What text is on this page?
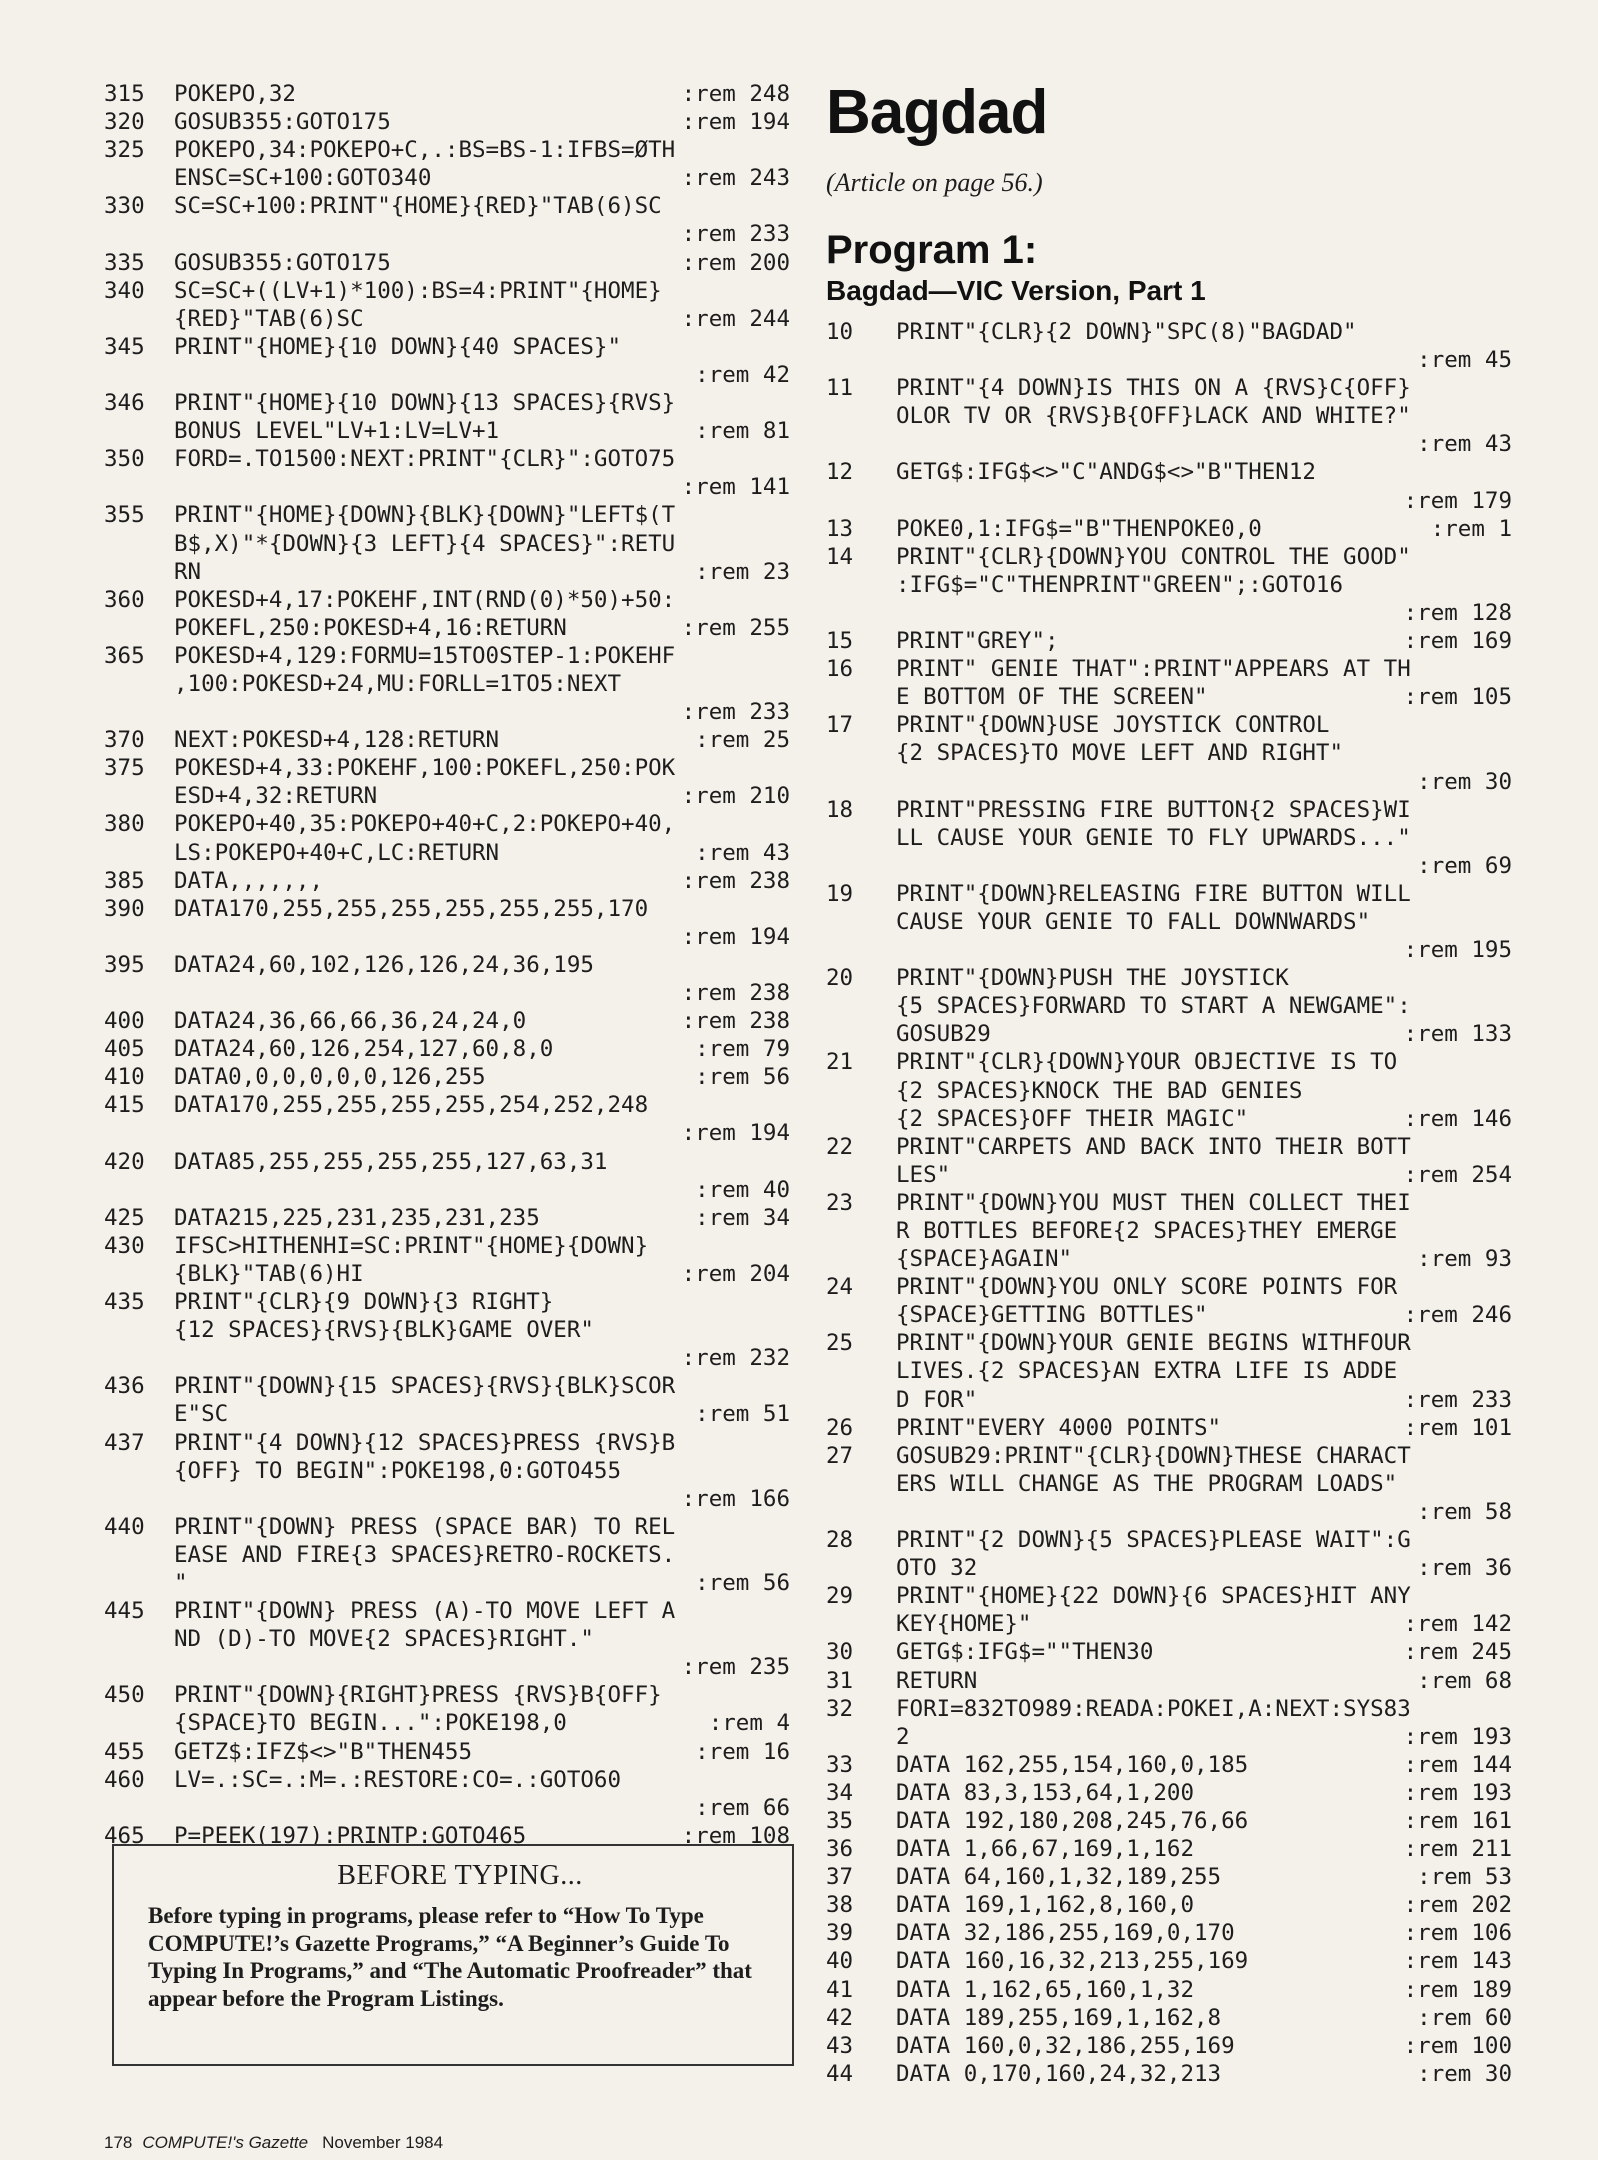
315 POKEPO,32	:rem 248
320 GOSUB355:GOTO175	:rem 194
325 POKEPO,34:POKEPO+C,.:BS=BS-1:IFBS=ØTH
ENSC=SC+100:GOTO340	:rem 243
330 SC=SC+100:PRINT"{HOME}{RED}"TAB(6)SC
:rem 233
335 GOSUB355:GOTO175	:rem 200
340 SC=SC+((LV+1)*100):BS=4:PRINT"{HOME}
{RED}"TAB(6)SC	:rem 244
345 PRINT"{HOME}{10 DOWN}{40 SPACES}"
:rem 42
346 PRINT"{HOME}{10 DOWN}{13 SPACES}{RVS}
BONUS LEVEL"LV+1:LV=LV+1	:rem 81
350 FORD=.TO1500:NEXT:PRINT"{CLR}":GOTO75
:rem 141
355 PRINT"{HOME}{DOWN}{BLK}{DOWN}"LEFT$(T
B$,X)"*{DOWN}{3 LEFT}{4 SPACES}":RETU
RN	:rem 23
360 POKESD+4,17:POKEHF,INT(RND(0)*50)+50:
POKEFL,250:POKESD+4,16:RETURN	:rem 255
365 POKESD+4,129:FORMU=15TO0STEP-1:POKEHF
,100:POKESD+24,MU:FORLL=1TO5:NEXT
:rem 233
370 NEXT:POKESD+4,128:RETURN	:rem 25
375 POKESD+4,33:POKEHF,100:POKEFL,250:POK
ESD+4,32:RETURN	:rem 210
380 POKEPO+40,35:POKEPO+40+C,2:POKEPO+40,
LS:POKEPO+40+C,LC:RETURN	:rem 43
385 DATA,,,,,,,	:rem 238
390 DATA170,255,255,255,255,255,255,170
:rem 194
395 DATA24,60,102,126,126,24,36,195
:rem 238
400 DATA24,36,66,66,36,24,24,0	:rem 238
405 DATA24,60,126,254,127,60,8,0	:rem 79
410 DATA0,0,0,0,0,0,126,255	:rem 56
415 DATA170,255,255,255,255,254,252,248
:rem 194
420 DATA85,255,255,255,255,127,63,31
:rem 40
425 DATA215,225,231,235,231,235	:rem 34
430 IFSC>HITHENHI=SC:PRINT"{HOME}{DOWN}
{BLK}"TAB(6)HI	:rem 204
435 PRINT"{CLR}{9 DOWN}{3 RIGHT}
{12 SPACES}{RVS}{BLK}GAME OVER"
:rem 232
436 PRINT"{DOWN}{15 SPACES}{RVS}{BLK}SCOR
E"SC	:rem 51
437 PRINT"{4 DOWN}{12 SPACES}PRESS {RVS}B
{OFF} TO BEGIN":POKE198,0:GOTO455
:rem 166
440 PRINT"{DOWN} PRESS (SPACE BAR) TO REL
EASE AND FIRE{3 SPACES}RETRO-ROCKETS.
"	:rem 56
445 PRINT"{DOWN} PRESS (A)-TO MOVE LEFT A
ND (D)-TO MOVE{2 SPACES}RIGHT."
:rem 235
450 PRINT"{DOWN}{RIGHT}PRESS {RVS}B{OFF}
{SPACE}TO BEGIN...":POKE198,0	:rem 4
455 GETZ$:IFZ$<>"B"THEN455	:rem 16
460 LV=.:SC=.:M=.:RESTORE:CO=.:GOTO60
:rem 66
465 P=PEEK(197):PRINTP:GOTO465	:rem 108
Bagdad
(Article on page 56.)
Program 1:
Bagdad—VIC Version, Part 1
10 PRINT"{CLR}{2 DOWN}"SPC(8)"BAGDAD"
:rem 45
11 PRINT"{4 DOWN}IS THIS ON A {RVS}C{OFF}
OLOR TV OR {RVS}B{OFF}LACK AND WHITE?"
:rem 43
12 GETG$:IFG$<>"C"ANDG$<>"B"THEN12
:rem 179
13 POKE0,1:IFG$="B"THENPOKE0,0	:rem 1
14 PRINT"{CLR}{DOWN}YOU CONTROL THE GOOD"
:IFG$="C"THENPRINT"GREEN";:GOTO16
:rem 128
15 PRINT"GREY";	:rem 169
16 PRINT" GENIE THAT":PRINT"APPEARS AT TH
E BOTTOM OF THE SCREEN"	:rem 105
17 PRINT"{DOWN}USE JOYSTICK CONTROL
{2 SPACES}TO MOVE LEFT AND RIGHT"
:rem 30
18 PRINT"PRESSING FIRE BUTTON{2 SPACES}WI
LL CAUSE YOUR GENIE TO FLY UPWARDS..."
:rem 69
19 PRINT"{DOWN}RELEASING FIRE BUTTON WILL
CAUSE YOUR GENIE TO FALL DOWNWARDS"
:rem 195
20 PRINT"{DOWN}PUSH THE JOYSTICK
{5 SPACES}FORWARD TO START A NEWGAME":
GOSUB29	:rem 133
21 PRINT"{CLR}{DOWN}YOUR OBJECTIVE IS TO
{2 SPACES}KNOCK THE BAD GENIES
{2 SPACES}OFF THEIR MAGIC"	:rem 146
22 PRINT"CARPETS AND BACK INTO THEIR BOTT
LES"	:rem 254
23 PRINT"{DOWN}YOU MUST THEN COLLECT THEI
R BOTTLES BEFORE{2 SPACES}THEY EMERGE
{SPACE}AGAIN"	:rem 93
24 PRINT"{DOWN}YOU ONLY SCORE POINTS FOR
{SPACE}GETTING BOTTLES"	:rem 246
25 PRINT"{DOWN}YOUR GENIE BEGINS WITHFOUR
LIVES.{2 SPACES}AN EXTRA LIFE IS ADDE
D FOR"	:rem 233
26 PRINT"EVERY 4000 POINTS"	:rem 101
27 GOSUB29:PRINT"{CLR}{DOWN}THESE CHARACT
ERS WILL CHANGE AS THE PROGRAM LOADS"
:rem 58
28 PRINT"{2 DOWN}{5 SPACES}PLEASE WAIT":G
OTO 32	:rem 36
29 PRINT"{HOME}{22 DOWN}{6 SPACES}HIT ANY
KEY{HOME}"	:rem 142
30 GETG$:IFG$=""THEN30	:rem 245
31 RETURN	:rem 68
32 FORI=832TO989:READA:POKEI,A:NEXT:SYS83
2	:rem 193
33 DATA 162,255,154,160,0,185	:rem 144
34 DATA 83,3,153,64,1,200	:rem 193
35 DATA 192,180,208,245,76,66	:rem 161
36 DATA 1,66,67,169,1,162	:rem 211
37 DATA 64,160,1,32,189,255	:rem 53
38 DATA 169,1,162,8,160,0	:rem 202
39 DATA 32,186,255,169,0,170	:rem 106
40 DATA 160,16,32,213,255,169	:rem 143
41 DATA 1,162,65,160,1,32	:rem 189
42 DATA 189,255,169,1,162,8	:rem 60
43 DATA 160,0,32,186,255,169	:rem 100
44 DATA 0,170,160,24,32,213	:rem 30
BEFORE TYPING...

Before typing in programs, please refer to “How To Type COMPUTE!’s Gazette Programs,” “A Beginner’s Guide To Typing In Programs,” and “The Automatic Proofreader” that appear before the Program Listings.

178 COMPUTE!'s Gazette November 1984
